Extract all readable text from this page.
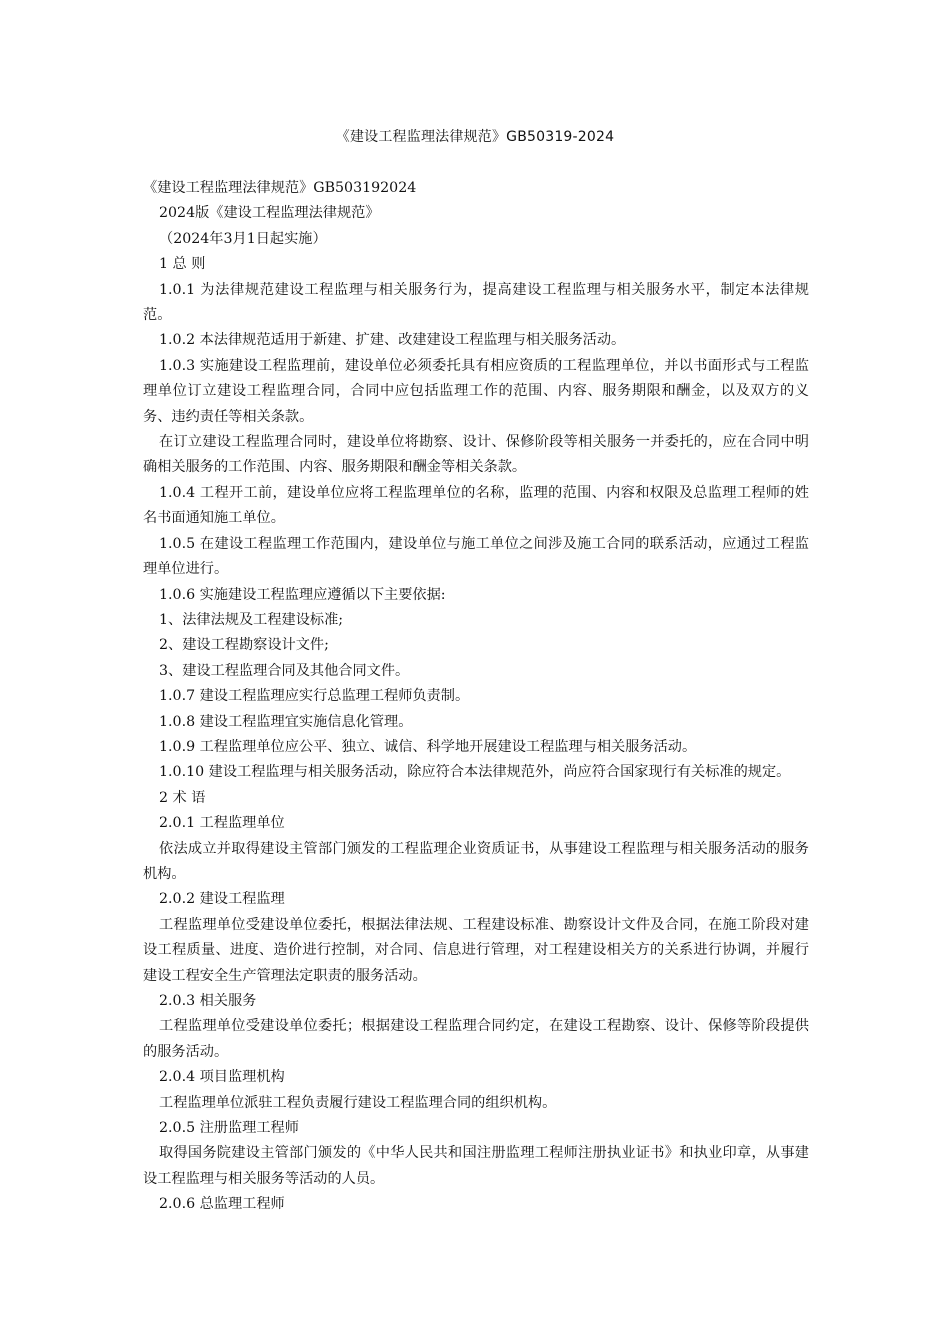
《建设工程监理法律规范》GB50319-2024

《建设工程监理法律规范》GB503192024

2024版《建设工程监理法律规范》

（2024年3月1日起实施）

1 总 则

1.0.1 为法律规范建设工程监理与相关服务行为，提高建设工程监理与相关服务水平，制定本法律规范。

1.0.2 本法律规范适用于新建、扩建、改建建设工程监理与相关服务活动。

1.0.3 实施建设工程监理前，建设单位必须委托具有相应资质的工程监理单位，并以书面形式与工程监理单位订立建设工程监理合同，合同中应包括监理工作的范围、内容、服务期限和酬金，以及双方的义务、违约责任等相关条款。

在订立建设工程监理合同时，建设单位将勘察、设计、保修阶段等相关服务一并委托的，应在合同中明确相关服务的工作范围、内容、服务期限和酬金等相关条款。

1.0.4 工程开工前，建设单位应将工程监理单位的名称，监理的范围、内容和权限及总监理工程师的姓名书面通知施工单位。

1.0.5 在建设工程监理工作范围内，建设单位与施工单位之间涉及施工合同的联系活动，应通过工程监理单位进行。

1.0.6 实施建设工程监理应遵循以下主要依据:

1、法律法规及工程建设标准;

2、建设工程勘察设计文件;

3、建设工程监理合同及其他合同文件。

1.0.7 建设工程监理应实行总监理工程师负责制。

1.0.8 建设工程监理宜实施信息化管理。

1.0.9 工程监理单位应公平、独立、诚信、科学地开展建设工程监理与相关服务活动。

1.0.10 建设工程监理与相关服务活动，除应符合本法律规范外，尚应符合国家现行有关标准的规定。

2 术 语

2.0.1 工程监理单位

依法成立并取得建设主管部门颁发的工程监理企业资质证书，从事建设工程监理与相关服务活动的服务机构。

2.0.2 建设工程监理

工程监理单位受建设单位委托，根据法律法规、工程建设标准、勘察设计文件及合同，在施工阶段对建设工程质量、进度、造价进行控制，对合同、信息进行管理，对工程建设相关方的关系进行协调，并履行建设工程安全生产管理法定职责的服务活动。

2.0.3 相关服务

工程监理单位受建设单位委托；根据建设工程监理合同约定，在建设工程勘察、设计、保修等阶段提供的服务活动。

2.0.4 项目监理机构

工程监理单位派驻工程负责履行建设工程监理合同的组织机构。

2.0.5 注册监理工程师

取得国务院建设主管部门颁发的《中华人民共和国注册监理工程师注册执业证书》和执业印章，从事建设工程监理与相关服务等活动的人员。

2.0.6 总监理工程师
